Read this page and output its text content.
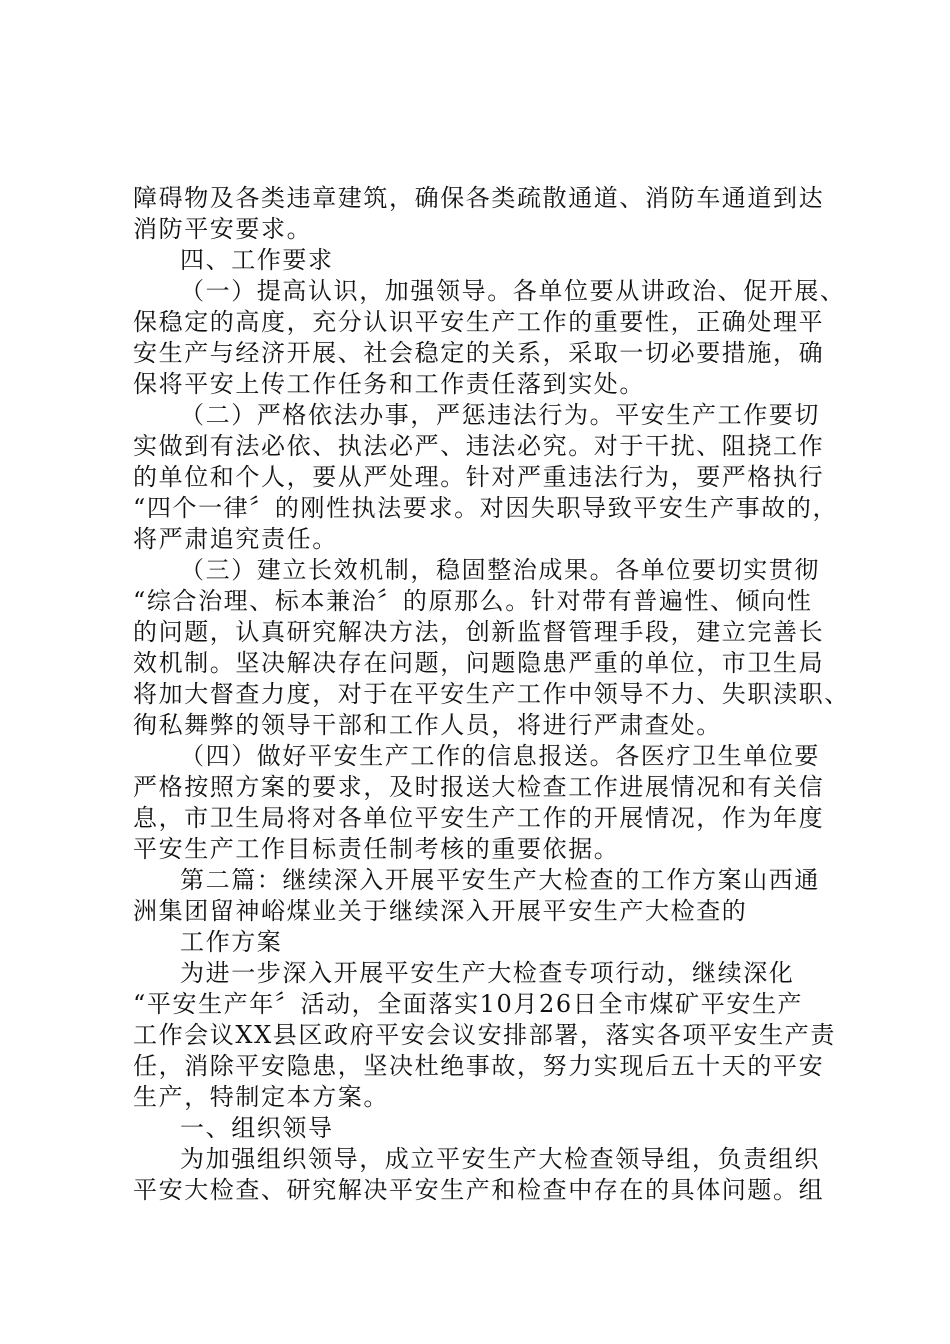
障碍物及各类违章建筑，确保各类疏散通道、消防车通道到达
消防平安要求。
四、工作要求
（一）提高认识，加强领导。各单位要从讲政治、促开展、
保稳定的高度，充分认识平安生产工作的重要性，正确处理平
安生产与经济开展、社会稳定的关系，采取一切必要措施，确
保将平安上传工作任务和工作责任落到实处。
（二）严格依法办事，严惩违法行为。平安生产工作要切
实做到有法必依、执法必严、违法必究。对于干扰、阻挠工作
的单位和个人，要从严处理。针对严重违法行为，要严格执行
“四个一律〞的刚性执法要求。对因失职导致平安生产事故的，
将严肃追究责任。
（三）建立长效机制，稳固整治成果。各单位要切实贯彻
“综合治理、标本兼治〞的原那么。针对带有普遍性、倾向性
的问题，认真研究解决方法，创新监督管理手段，建立完善长
效机制。坚决解决存在问题，问题隐患严重的单位，市卫生局
将加大督查力度，对于在平安生产工作中领导不力、失职渎职、
徇私舞弊的领导干部和工作人员，将进行严肃查处。
（四）做好平安生产工作的信息报送。各医疗卫生单位要
严格按照方案的要求，及时报送大检查工作进展情况和有关信
息，市卫生局将对各单位平安生产工作的开展情况，作为年度
平安生产工作目标责任制考核的重要依据。
第二篇：继续深入开展平安生产大检查的工作方案山西通
洲集团留神峪煤业关于继续深入开展平安生产大检查的
工作方案
为进一步深入开展平安生产大检查专项行动，继续深化
“平安生产年〞活动，全面落实10月26日全市煤矿平安生产
工作会议XX县区政府平安会议安排部署，落实各项平安生产责
任，消除平安隐患，坚决杜绝事故，努力实现后五十天的平安
生产，特制定本方案。
一、组织领导
为加强组织领导，成立平安生产大检查领导组，负责组织
平安大检查、研究解决平安生产和检查中存在的具体问题。组
